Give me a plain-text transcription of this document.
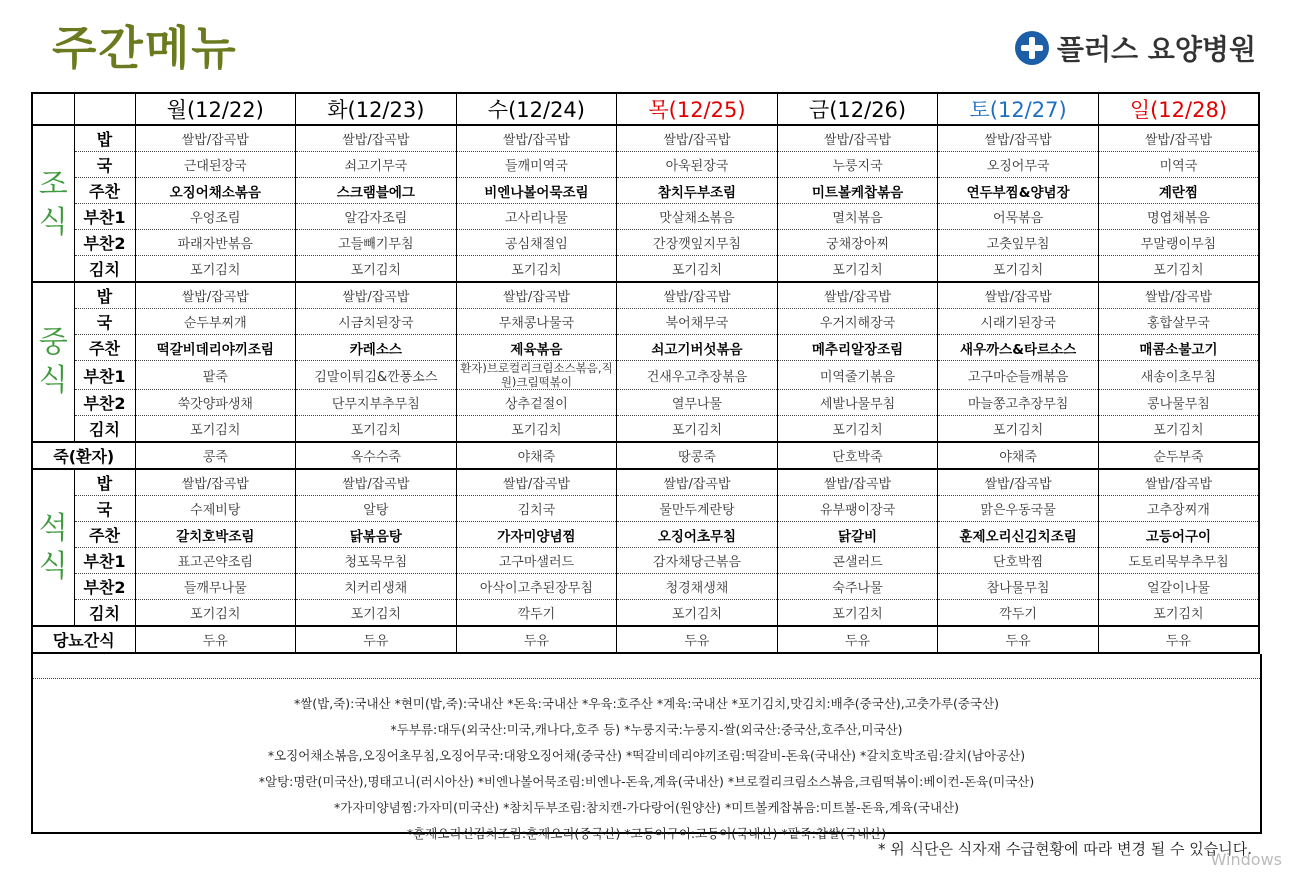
주간메뉴	플러스 요양병원
		월(12/22)	화(12/23)	수(12/24)	목(12/25)	금(12/26)	토(12/27)	일(12/28)

조
식	밥	쌀밥/잡곡밥	쌀밥/잡곡밥	쌀밥/잡곡밥	쌀밥/잡곡밥	쌀밥/잡곡밥	쌀밥/잡곡밥	쌀밥/잡곡밥
	국	근대된장국	쇠고기무국	들깨미역국	아욱된장국	누룽지국	오징어무국	미역국
	주찬	오징어채소볶음	스크램블에그	비엔나볼어묵조림	참치두부조림	미트볼케찹볶음	연두부찜&양념장	계란찜
	부찬1	우엉조림	알감자조림	고사리나물	맛살채소볶음	멸치볶음	어묵볶음	명엽채볶음
	부찬2	파래자반볶음	고들빼기무침	공심채절임	간장깻잎지무침	궁채장아찌	고춧잎무침	무말랭이무침
	김치	포기김치	포기김치	포기김치	포기김치	포기김치	포기김치	포기김치

중
식	밥	쌀밥/잡곡밥	쌀밥/잡곡밥	쌀밥/잡곡밥	쌀밥/잡곡밥	쌀밥/잡곡밥	쌀밥/잡곡밥	쌀밥/잡곡밥
	국	순두부찌개	시금치된장국	무채콩나물국	북어채무국	우거지해장국	시래기된장국	홍합살무국
	주찬	떡갈비데리야끼조림	카레소스	제육볶음	쇠고기버섯볶음	메추리알장조림	새우까스&타르소스	매콤소불고기
	부찬1	팥죽	김말이튀김&깐풍소스	환자)브로컬리크림소스볶음,직원)크림떡볶이	건새우고추장볶음	미역줄기볶음	고구마순들깨볶음	새송이초무침
	부찬2	쑥갓양파생채	단무지부추무침	상추겉절이	열무나물	세발나물무침	마늘쫑고추장무침	콩나물무침
	김치	포기김치	포기김치	포기김치	포기김치	포기김치	포기김치	포기김치
죽(환자)		콩죽	옥수수죽	야채죽	땅콩죽	단호박죽	야채죽	순두부죽

석
식	밥	쌀밥/잡곡밥	쌀밥/잡곡밥	쌀밥/잡곡밥	쌀밥/잡곡밥	쌀밥/잡곡밥	쌀밥/잡곡밥	쌀밥/잡곡밥
	국	수제비탕	알탕	김치국	물만두계란탕	유부팽이장국	맑은우동국물	고추장찌개
	주찬	갈치호박조림	닭볶음탕	가자미양념찜	오징어초무침	닭갈비	훈제오리신김치조림	고등어구이
	부찬1	표고곤약조림	청포묵무침	고구마샐러드	감자채당근볶음	콘샐러드	단호박찜	도토리묵부추무침
	부찬2	들깨무나물	치커리생채	아삭이고추된장무침	청경채생채	숙주나물	참나물무침	얼갈이나물
	김치	포기김치	포기김치	깍두기	포기김치	포기김치	깍두기	포기김치
당뇨간식		두유	두유	두유	두유	두유	두유	두유
*쌀(밥,죽):국내산 *현미(밥,죽):국내산 *돈육:국내산 *우육:호주산 *계육:국내산 *포기김치,맛김치:배추(중국산),고춧가루(중국산)
*두부류:대두(외국산:미국,캐나다,호주 등) *누룽지국:누룽지-쌀(외국산:중국산,호주산,미국산)
*오징어채소볶음,오징어초무침,오징어무국:대왕오징어채(중국산) *떡갈비데리야끼조림:떡갈비-돈육(국내산) *갈치호박조림:갈치(남아공산)
*알탕:명란(미국산),명태고니(러시아산) *비엔나볼어묵조림:비엔나-돈육,계육(국내산) *브로컬리크림소스볶음,크림떡볶이:베이컨-돈육(미국산)
*가자미양념찜:가자미(미국산) *참치두부조림:참치캔-가다랑어(원양산) *미트볼케찹볶음:미트볼-돈육,계육(국내산)
*훈제오리신김치조림:훈제오리(중국산) *고등어구이:고등어(국내산) *팥죽:찹쌀(국내산)
* 위 식단은 식자재 수급현황에 따라 변경 될 수 있습니다.
Windows
